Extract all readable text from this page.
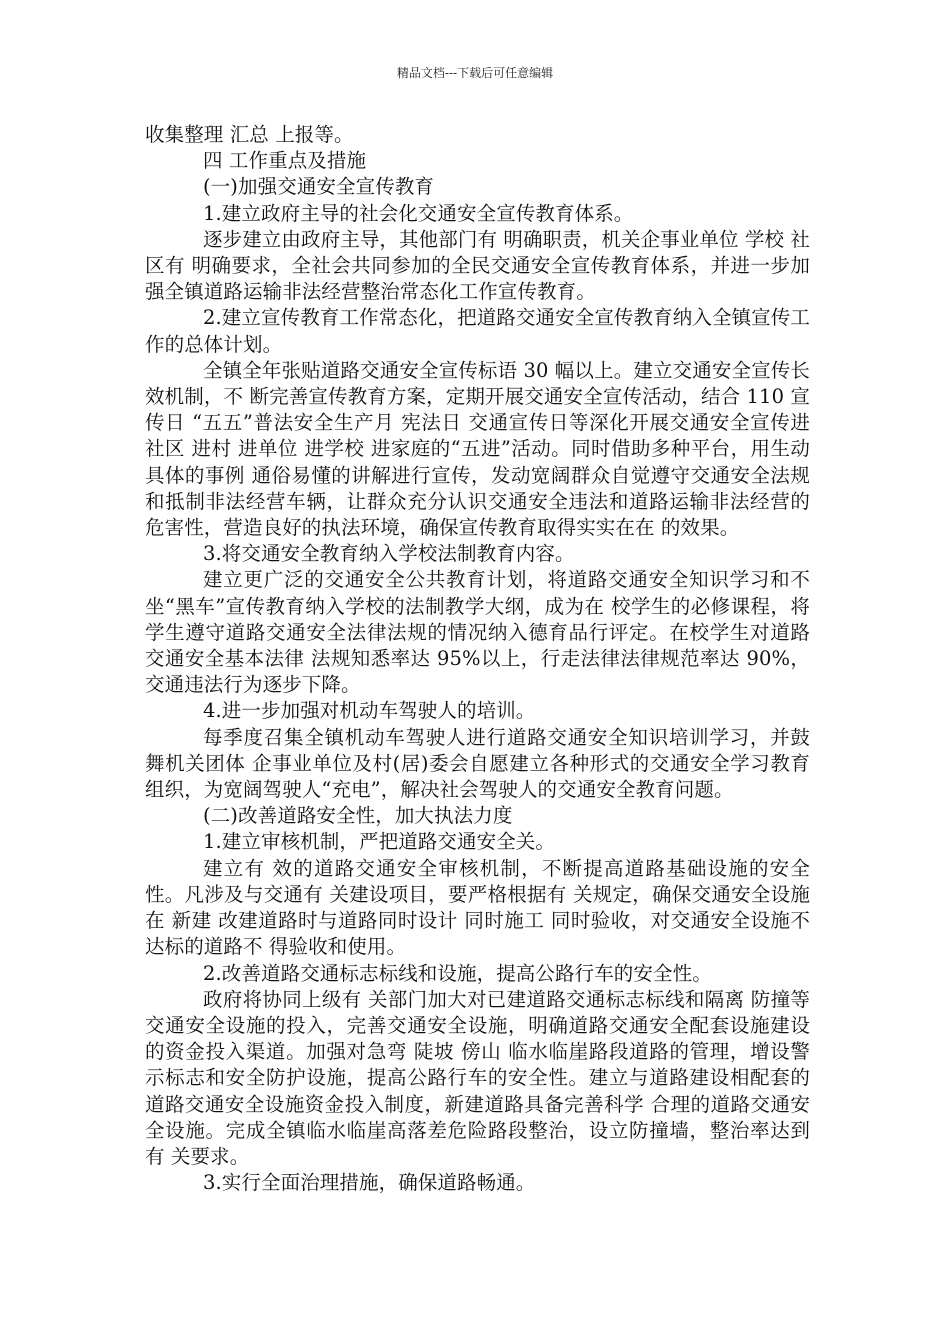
精品文档---下载后可任意编辑

收集整理 汇总 上报等。

四 工作重点及措施

(一)加强交通安全宣传教育

1.建立政府主导的社会化交通安全宣传教育体系。

逐步建立由政府主导，其他部门有 明确职责，机关企事业单位 学校 社区有 明确要求，全社会共同参加的全民交通安全宣传教育体系，并进一步加强全镇道路运输非法经营整治常态化工作宣传教育。

2.建立宣传教育工作常态化，把道路交通安全宣传教育纳入全镇宣传工作的总体计划。

全镇全年张贴道路交通安全宣传标语 30 幅以上。建立交通安全宣传长效机制，不 断完善宣传教育方案，定期开展交通安全宣传活动，结合 110 宣传日 “五五”普法安全生产月 宪法日 交通宣传日等深化开展交通安全宣传进社区 进村 进单位 进学校 进家庭的“五进”活动。同时借助多种平台，用生动具体的事例 通俗易懂的讲解进行宣传，发动宽阔群众自觉遵守交通安全法规和抵制非法经营车辆，让群众充分认识交通安全违法和道路运输非法经营的危害性，营造良好的执法环境，确保宣传教育取得实实在在 的效果。

3.将交通安全教育纳入学校法制教育内容。

建立更广泛的交通安全公共教育计划，将道路交通安全知识学习和不坐“黑车”宣传教育纳入学校的法制教学大纲，成为在 校学生的必修课程，将学生遵守道路交通安全法律法规的情况纳入德育品行评定。在校学生对道路交通安全基本法律 法规知悉率达 95%以上，行走法律法律规范率达 90%，交通违法行为逐步下降。

4.进一步加强对机动车驾驶人的培训。

每季度召集全镇机动车驾驶人进行道路交通安全知识培训学习，并鼓舞机关团体 企事业单位及村(居)委会自愿建立各种形式的交通安全学习教育组织，为宽阔驾驶人“充电”，解决社会驾驶人的交通安全教育问题。

(二)改善道路安全性，加大执法力度

1.建立审核机制，严把道路交通安全关。

建立有 效的道路交通安全审核机制，不断提高道路基础设施的安全性。凡涉及与交通有 关建设项目，要严格根据有 关规定，确保交通安全设施在 新建 改建道路时与道路同时设计 同时施工 同时验收，对交通安全设施不达标的道路不 得验收和使用。

2.改善道路交通标志标线和设施，提高公路行车的安全性。

政府将协同上级有 关部门加大对已建道路交通标志标线和隔离 防撞等交通安全设施的投入，完善交通安全设施，明确道路交通安全配套设施建设的资金投入渠道。加强对急弯 陡坡 傍山 临水临崖路段道路的管理，增设警示标志和安全防护设施，提高公路行车的安全性。建立与道路建设相配套的道路交通安全设施资金投入制度，新建道路具备完善科学 合理的道路交通安全设施。完成全镇临水临崖高落差危险路段整治，设立防撞墙，整治率达到有 关要求。

3.实行全面治理措施，确保道路畅通。
